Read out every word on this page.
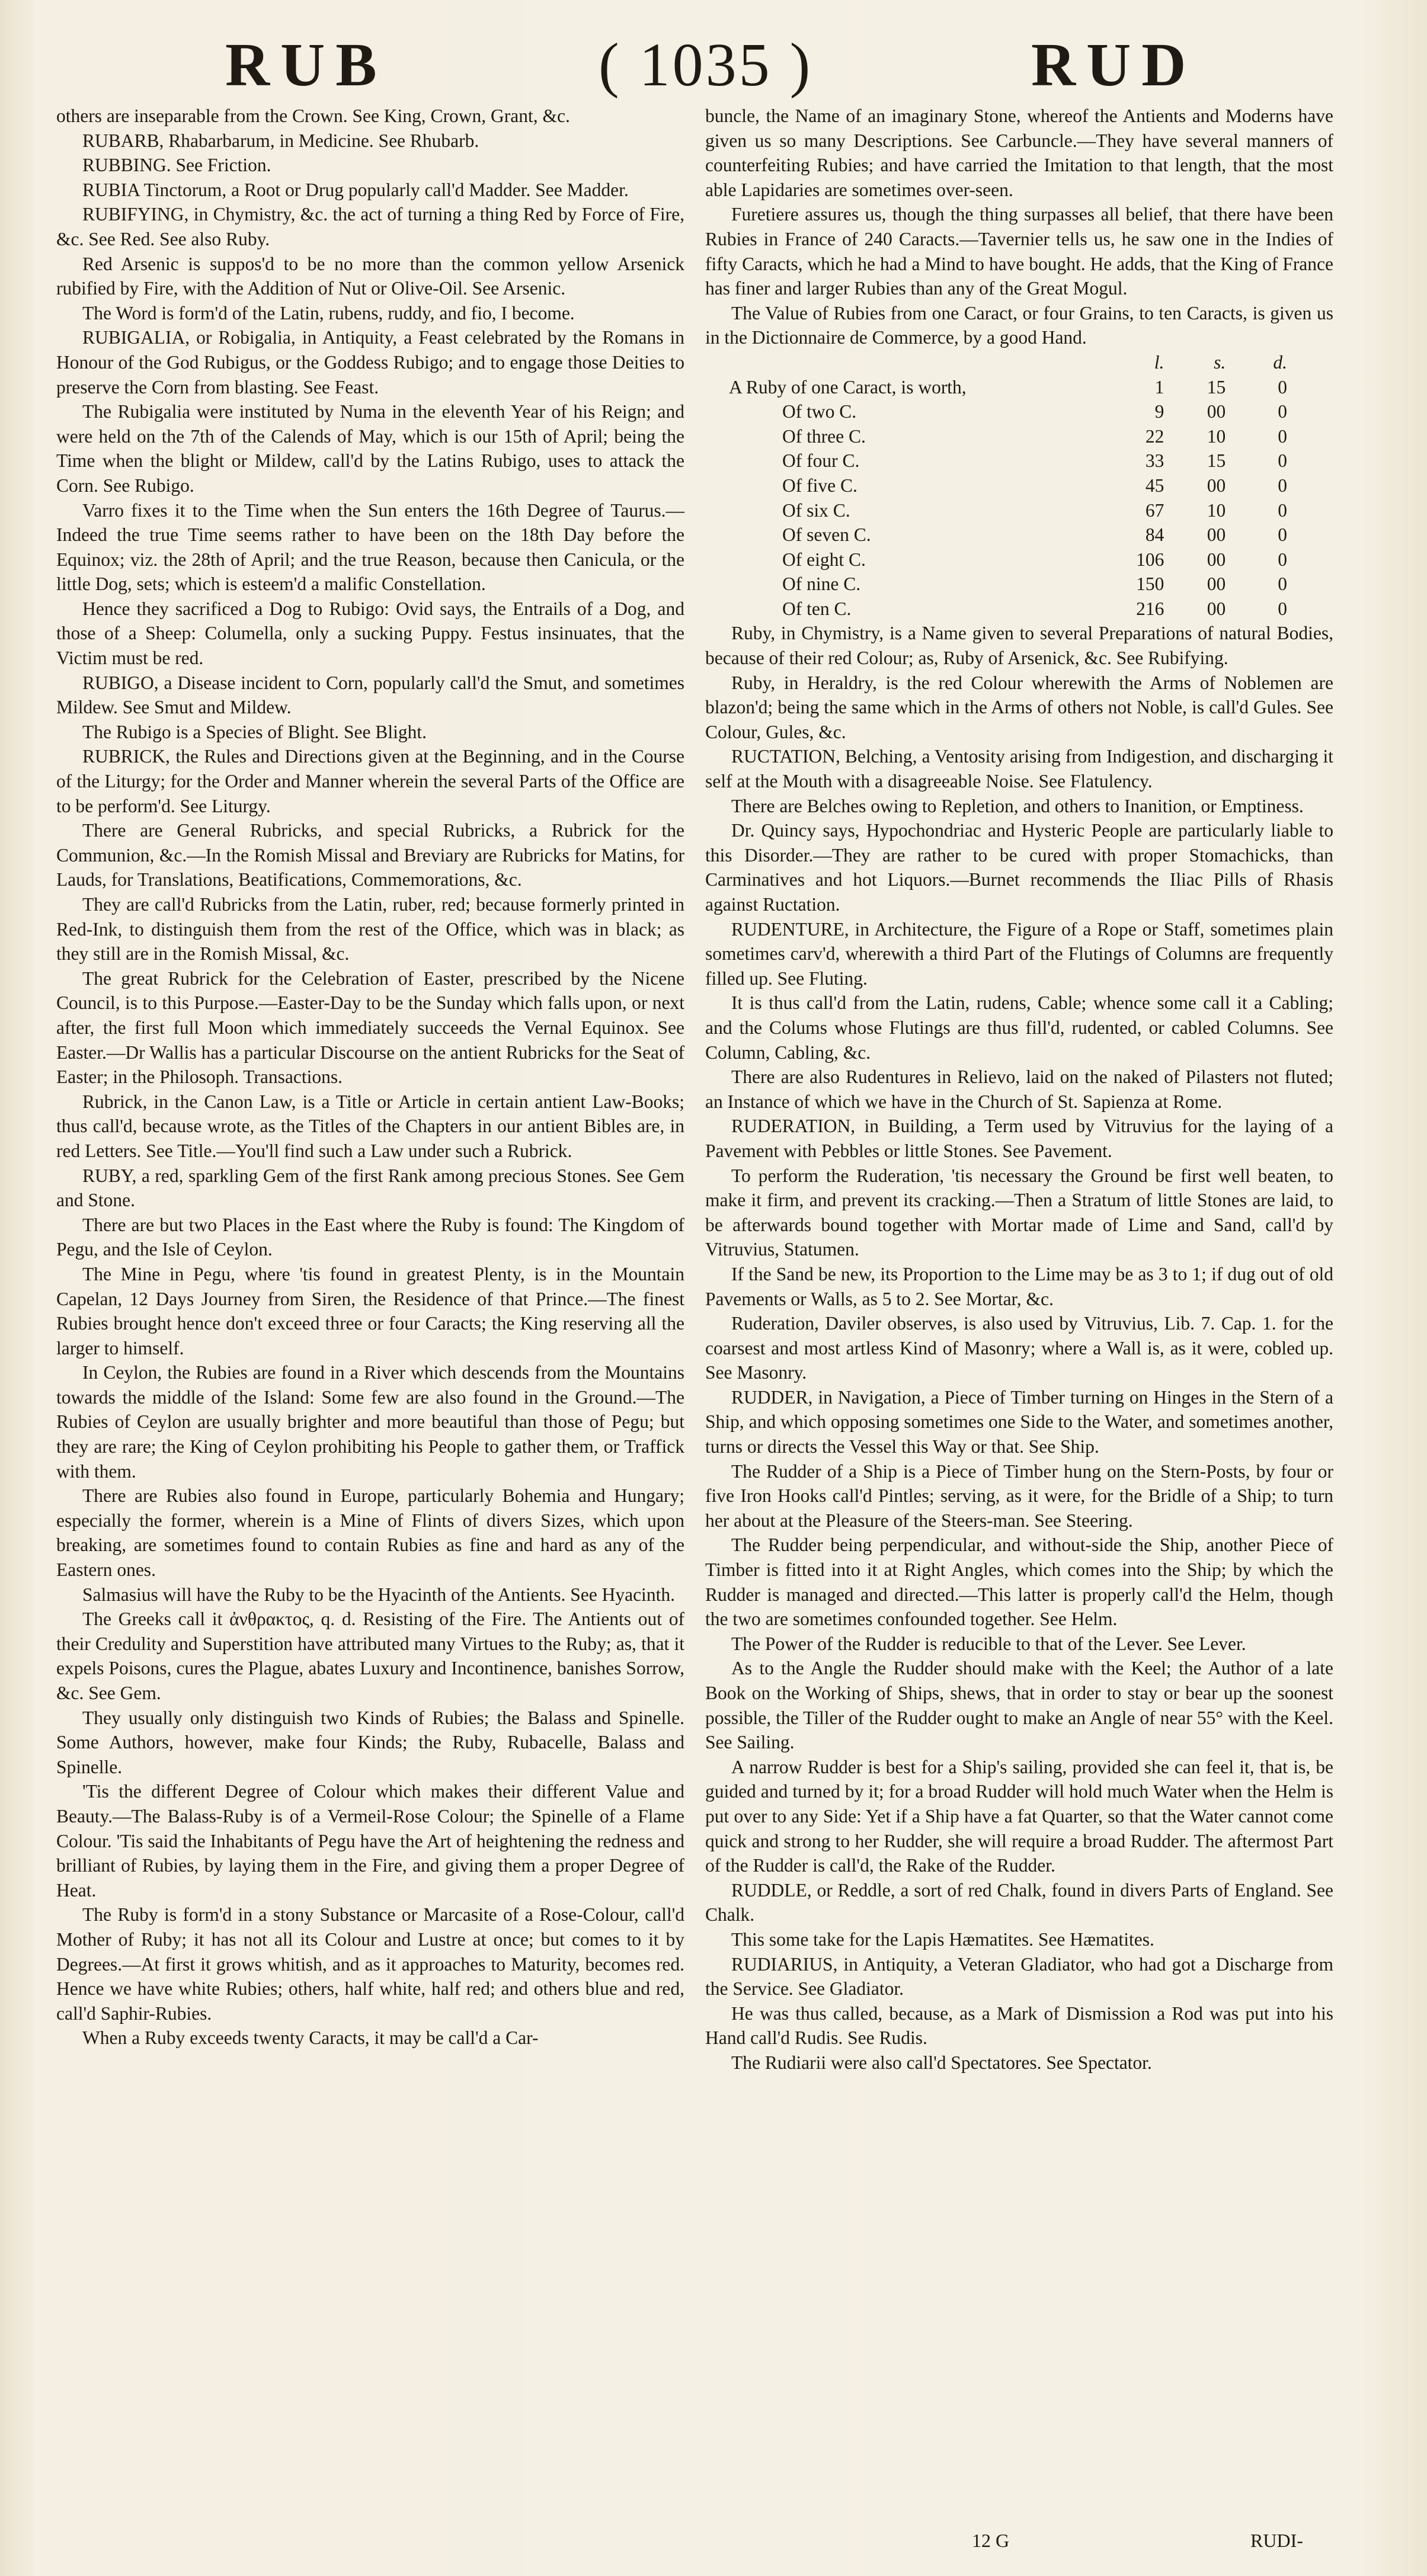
RUB	( 1035 )	RUD

others are inseparable from the Crown. See King, Crown, Grant, &c.

RUBARB, Rhabarbarum, in Medicine. See Rhubarb.

RUBBING. See Friction.

RUBIA Tinctorum, a Root or Drug popularly call'd Madder. See Madder.

RUBIFYING, in Chymistry, &c. the act of turning a thing Red by Force of Fire, &c. See Red. See also Ruby.

Red Arsenic is suppos'd to be no more than the common yellow Arsenick rubified by Fire, with the Addition of Nut or Olive-Oil. See Arsenic.

The Word is form'd of the Latin, rubens, ruddy, and fio, I become.

RUBIGALIA, or Robigalia, in Antiquity, a Feast celebrated by the Romans in Honour of the God Rubigus, or the Goddess Rubigo; and to engage those Deities to preserve the Corn from blasting. See Feast.

The Rubigalia were instituted by Numa in the eleventh Year of his Reign; and were held on the 7th of the Calends of May, which is our 15th of April; being the Time when the blight or Mildew, call'd by the Latins Rubigo, uses to attack the Corn. See Rubigo.

Varro fixes it to the Time when the Sun enters the 16th Degree of Taurus.—Indeed the true Time seems rather to have been on the 18th Day before the Equinox; viz. the 28th of April; and the true Reason, because then Canicula, or the little Dog, sets; which is esteem'd a malific Constellation.

Hence they sacrificed a Dog to Rubigo: Ovid says, the Entrails of a Dog, and those of a Sheep: Columella, only a sucking Puppy. Festus insinuates, that the Victim must be red.

RUBIGO, a Disease incident to Corn, popularly call'd the Smut, and sometimes Mildew. See Smut and Mildew.

The Rubigo is a Species of Blight. See Blight.

RUBRICK, the Rules and Directions given at the Beginning, and in the Course of the Liturgy; for the Order and Manner wherein the several Parts of the Office are to be perform'd. See Liturgy.

There are General Rubricks, and special Rubricks, a Rubrick for the Communion, &c.—In the Romish Missal and Breviary are Rubricks for Matins, for Lauds, for Translations, Beatifications, Commemorations, &c.

They are call'd Rubricks from the Latin, ruber, red; because formerly printed in Red-Ink, to distinguish them from the rest of the Office, which was in black; as they still are in the Romish Missal, &c.

The great Rubrick for the Celebration of Easter, prescribed by the Nicene Council, is to this Purpose.—Easter-Day to be the Sunday which falls upon, or next after, the first full Moon which immediately succeeds the Vernal Equinox. See Easter.—Dr Wallis has a particular Discourse on the antient Rubricks for the Seat of Easter; in the Philosoph. Transactions.

Rubrick, in the Canon Law, is a Title or Article in certain antient Law-Books; thus call'd, because wrote, as the Titles of the Chapters in our antient Bibles are, in red Letters. See Title.—You'll find such a Law under such a Rubrick.

RUBY, a red, sparkling Gem of the first Rank among precious Stones. See Gem and Stone.

There are but two Places in the East where the Ruby is found: The Kingdom of Pegu, and the Isle of Ceylon.

The Mine in Pegu, where 'tis found in greatest Plenty, is in the Mountain Capelan, 12 Days Journey from Siren, the Residence of that Prince.—The finest Rubies brought hence don't exceed three or four Caracts; the King reserving all the larger to himself.

In Ceylon, the Rubies are found in a River which descends from the Mountains towards the middle of the Island: Some few are also found in the Ground.—The Rubies of Ceylon are usually brighter and more beautiful than those of Pegu; but they are rare; the King of Ceylon prohibiting his People to gather them, or Traffick with them.

There are Rubies also found in Europe, particularly Bohemia and Hungary; especially the former, wherein is a Mine of Flints of divers Sizes, which upon breaking, are sometimes found to contain Rubies as fine and hard as any of the Eastern ones.

Salmasius will have the Ruby to be the Hyacinth of the Antients. See Hyacinth.

The Greeks call it ἀνθρακτος, q. d. Resisting of the Fire. The Antients out of their Credulity and Superstition have attributed many Virtues to the Ruby; as, that it expels Poisons, cures the Plague, abates Luxury and Incontinence, banishes Sorrow, &c. See Gem.

They usually only distinguish two Kinds of Rubies; the Balass and Spinelle. Some Authors, however, make four Kinds; the Ruby, Rubacelle, Balass and Spinelle.

'Tis the different Degree of Colour which makes their different Value and Beauty.—The Balass-Ruby is of a Vermeil-Rose Colour; the Spinelle of a Flame Colour. 'Tis said the Inhabitants of Pegu have the Art of heightening the redness and brilliant of Rubies, by laying them in the Fire, and giving them a proper Degree of Heat.

The Ruby is form'd in a stony Substance or Marcasite of a Rose-Colour, call'd Mother of Ruby; it has not all its Colour and Lustre at once; but comes to it by Degrees.—At first it grows whitish, and as it approaches to Maturity, becomes red. Hence we have white Rubies; others, half white, half red; and others blue and red, call'd Saphir-Rubies.

When a Ruby exceeds twenty Caracts, it may be call'd a Car-

buncle, the Name of an imaginary Stone, whereof the Antients and Moderns have given us so many Descriptions. See Carbuncle.—They have several manners of counterfeiting Rubies; and have carried the Imitation to that length, that the most able Lapidaries are sometimes over-seen.

Furetiere assures us, though the thing surpasses all belief, that there have been Rubies in France of 240 Caracts.—Tavernier tells us, he saw one in the Indies of fifty Caracts, which he had a Mind to have bought. He adds, that the King of France has finer and larger Rubies than any of the Great Mogul.

The Value of Rubies from one Caract, or four Grains, to ten Caracts, is given us in the Dictionnaire de Commerce, by a good Hand.

	l.	s.	d.
A Ruby of one Caract, is worth,	1	15	0
Of two C.	9	00	0
Of three C.	22	10	0
Of four C.	33	15	0
Of five C.	45	00	0
Of six C.	67	10	0
Of seven C.	84	00	0
Of eight C.	106	00	0
Of nine C.	150	00	0
Of ten C.	216	00	0

Ruby, in Chymistry, is a Name given to several Preparations of natural Bodies, because of their red Colour; as, Ruby of Arsenick, &c. See Rubifying.

Ruby, in Heraldry, is the red Colour wherewith the Arms of Noblemen are blazon'd; being the same which in the Arms of others not Noble, is call'd Gules. See Colour, Gules, &c.

RUCTATION, Belching, a Ventosity arising from Indigestion, and discharging it self at the Mouth with a disagreeable Noise. See Flatulency.

There are Belches owing to Repletion, and others to Inanition, or Emptiness.

Dr. Quincy says, Hypochondriac and Hysteric People are particularly liable to this Disorder.—They are rather to be cured with proper Stomachicks, than Carminatives and hot Liquors.—Burnet recommends the Iliac Pills of Rhasis against Ructation.

RUDENTURE, in Architecture, the Figure of a Rope or Staff, sometimes plain sometimes carv'd, wherewith a third Part of the Flutings of Columns are frequently filled up. See Fluting.

It is thus call'd from the Latin, rudens, Cable; whence some call it a Cabling; and the Colums whose Flutings are thus fill'd, rudented, or cabled Columns. See Column, Cabling, &c.

There are also Rudentures in Relievo, laid on the naked of Pilasters not fluted; an Instance of which we have in the Church of St. Sapienza at Rome.

RUDERATION, in Building, a Term used by Vitruvius for the laying of a Pavement with Pebbles or little Stones. See Pavement.

To perform the Ruderation, 'tis necessary the Ground be first well beaten, to make it firm, and prevent its cracking.—Then a Stratum of little Stones are laid, to be afterwards bound together with Mortar made of Lime and Sand, call'd by Vitruvius, Statumen.

If the Sand be new, its Proportion to the Lime may be as 3 to 1; if dug out of old Pavements or Walls, as 5 to 2. See Mortar, &c.

Ruderation, Daviler observes, is also used by Vitruvius, Lib. 7. Cap. 1. for the coarsest and most artless Kind of Masonry; where a Wall is, as it were, cobled up. See Masonry.

RUDDER, in Navigation, a Piece of Timber turning on Hinges in the Stern of a Ship, and which opposing sometimes one Side to the Water, and sometimes another, turns or directs the Vessel this Way or that. See Ship.

The Rudder of a Ship is a Piece of Timber hung on the Stern-Posts, by four or five Iron Hooks call'd Pintles; serving, as it were, for the Bridle of a Ship; to turn her about at the Pleasure of the Steers-man. See Steering.

The Rudder being perpendicular, and without-side the Ship, another Piece of Timber is fitted into it at Right Angles, which comes into the Ship; by which the Rudder is managed and directed.—This latter is properly call'd the Helm, though the two are sometimes confounded together. See Helm.

The Power of the Rudder is reducible to that of the Lever. See Lever.

As to the Angle the Rudder should make with the Keel; the Author of a late Book on the Working of Ships, shews, that in order to stay or bear up the soonest possible, the Tiller of the Rudder ought to make an Angle of near 55° with the Keel. See Sailing.

A narrow Rudder is best for a Ship's sailing, provided she can feel it, that is, be guided and turned by it; for a broad Rudder will hold much Water when the Helm is put over to any Side: Yet if a Ship have a fat Quarter, so that the Water cannot come quick and strong to her Rudder, she will require a broad Rudder. The aftermost Part of the Rudder is call'd, the Rake of the Rudder.

RUDDLE, or Reddle, a sort of red Chalk, found in divers Parts of England. See Chalk.

This some take for the Lapis Hæmatites. See Hæmatites.

RUDIARIUS, in Antiquity, a Veteran Gladiator, who had got a Discharge from the Service. See Gladiator.

He was thus called, because, as a Mark of Dismission a Rod was put into his Hand call'd Rudis. See Rudis.

The Rudiarii were also call'd Spectatores. See Spectator.

12 G	RUDI-
